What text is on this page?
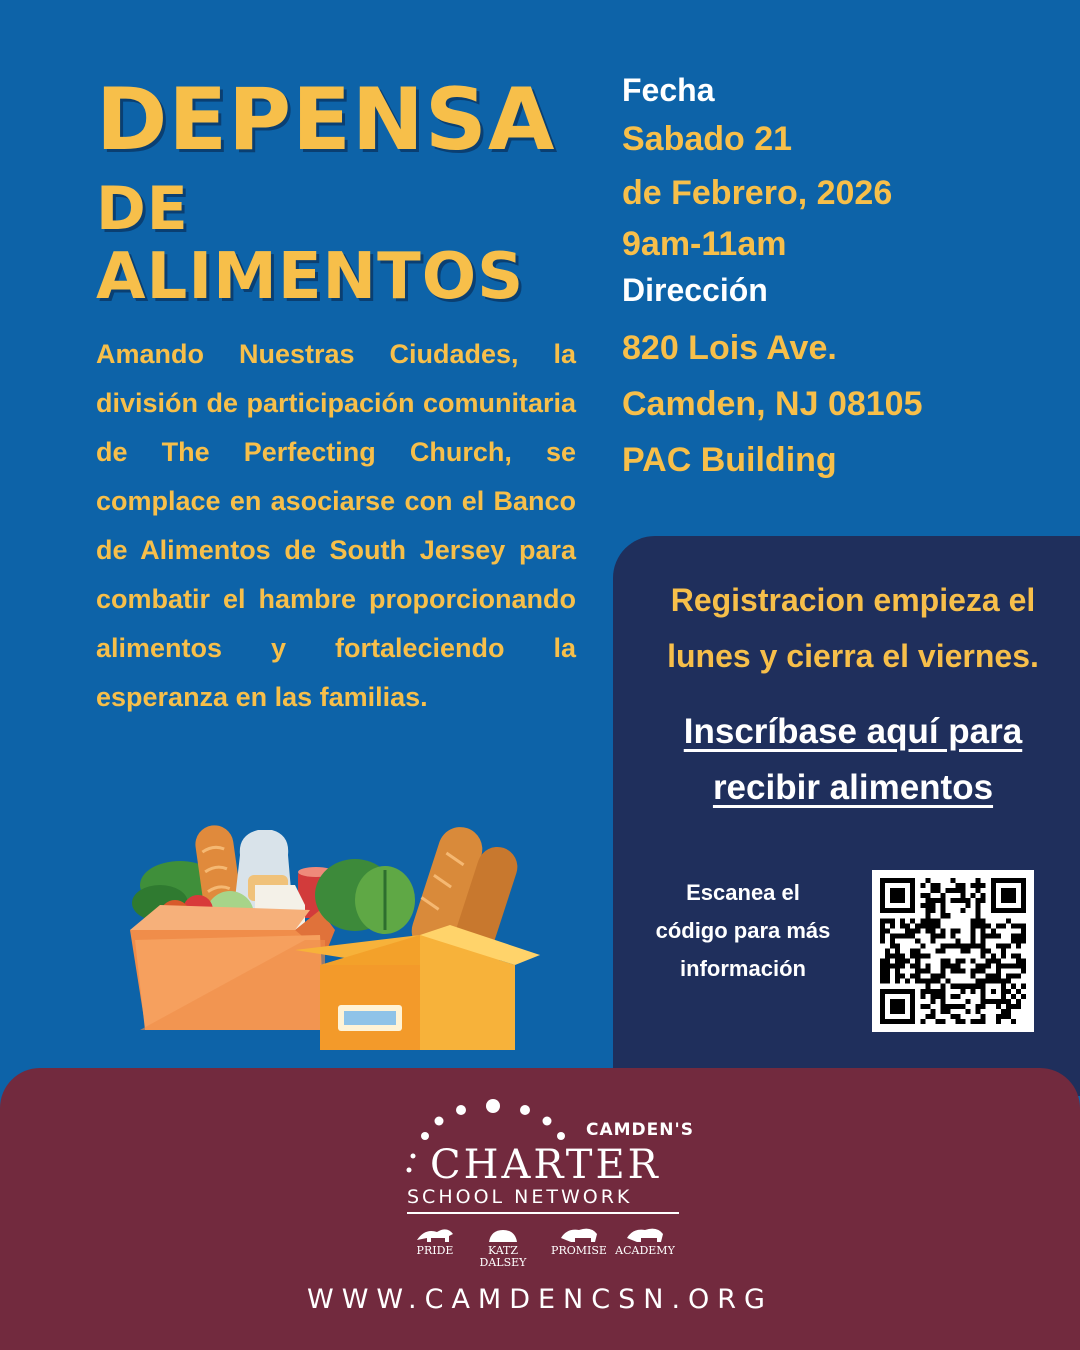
DEPENSA
DE
ALIMENTOS

Amando Nuestras Ciudades, la división de participación comunitaria de The Perfecting Church, se complace en asociarse con el Banco de Alimentos de South Jersey para combatir el hambre proporcionando alimentos y fortaleciendo la esperanza en las familias.

Fecha
Sabado 21
de Febrero, 2026
9am-11am
Dirección
820 Lois Ave.
Camden, NJ 08105
PAC Building

Registracion empieza el lunes y cierra el viernes.

Inscríbase aquí para recibir alimentos

Escanea el código para más información

CAMDEN'S
CHARTER
SCHOOL NETWORK
PRIDE	KATZ DALSEY
PROMISE ACADEMY

WWW.CAMDENCSN.ORG
